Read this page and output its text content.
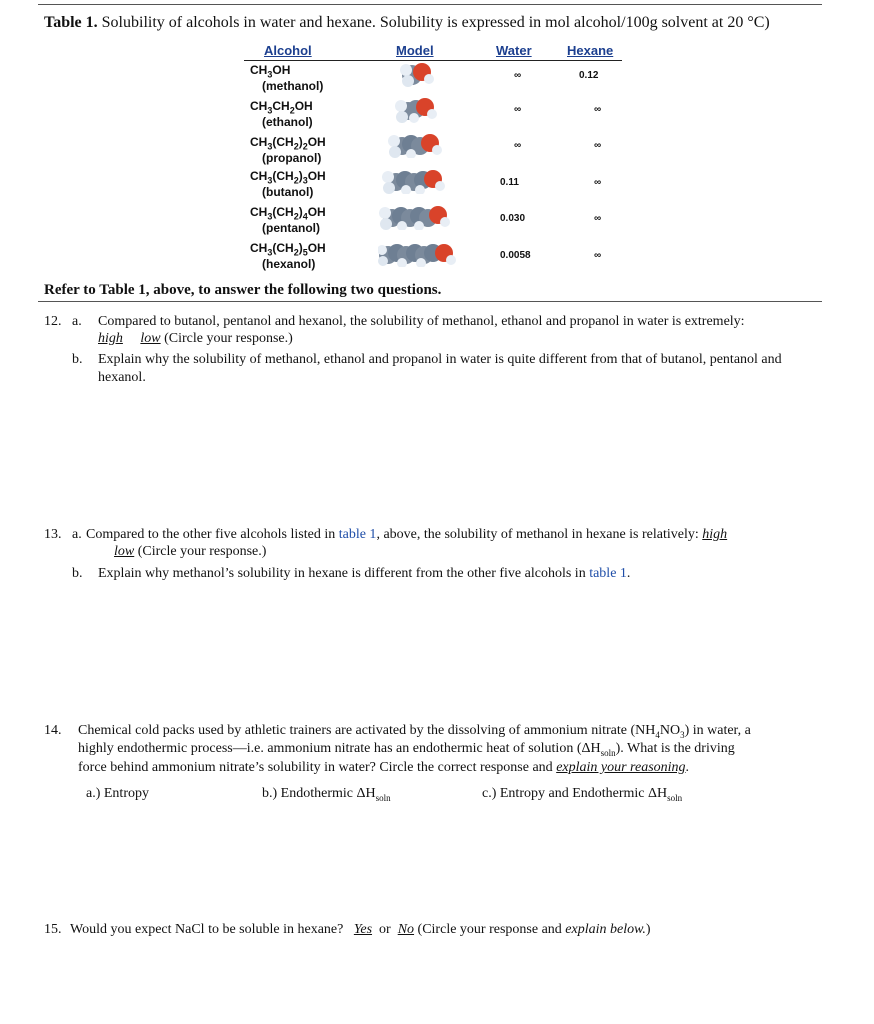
Table 1. Solubility of alcohols in water and hexane. Solubility is expressed in mol alcohol/100g solvent at 20 °C)
Alcohol	Model	Water	Hexane
$CH_3OH$
(methanol)
∞	0.12
$CH_3CH_2OH$
(ethanol)
∞	∞
$CH_3(CH_2)_2OH$
(propanol)
∞	∞
$CH_3(CH_2)_3OH$
(butanol)
0.11	∞
$CH_3(CH_2)_4OH$
(pentanol)
0.030	∞
$CH_3(CH_2)_5OH$
(hexanol)
0.0058	∞
Refer to Table 1, above, to answer the following two questions.
12. a. Compared to butanol, pentanol and hexanol, the solubility of methanol, ethanol and propanol in water is extremely:
high low (Circle your response.)
b. Explain why the solubility of methanol, ethanol and propanol in water is quite different from that of butanol, pentanol and hexanol.
13. a. Compared to the other five alcohols listed in table 1, above, the solubility of methanol in hexane is relatively: high
low (Circle your response.)
b. Explain why methanol’s solubility in hexane is different from the other five alcohols in table 1.
14. Chemical cold packs used by athletic trainers are activated by the dissolving of ammonium nitrate $(NH_4NO_3)$ in water, a
highly endothermic process—i.e. ammonium nitrate has an endothermic heat of solution $(\Delta H_{soln})$. What is the driving
force behind ammonium nitrate’s solubility in water? Circle the correct response and explain your reasoning.
a.) Entropy	b.) Endothermic $\Delta H_{soln}$	c.) Entropy and Endothermic $\Delta H_{soln}$
15. Would you expect NaCl to be soluble in hexane? Yes or No (Circle your response and explain below.)
